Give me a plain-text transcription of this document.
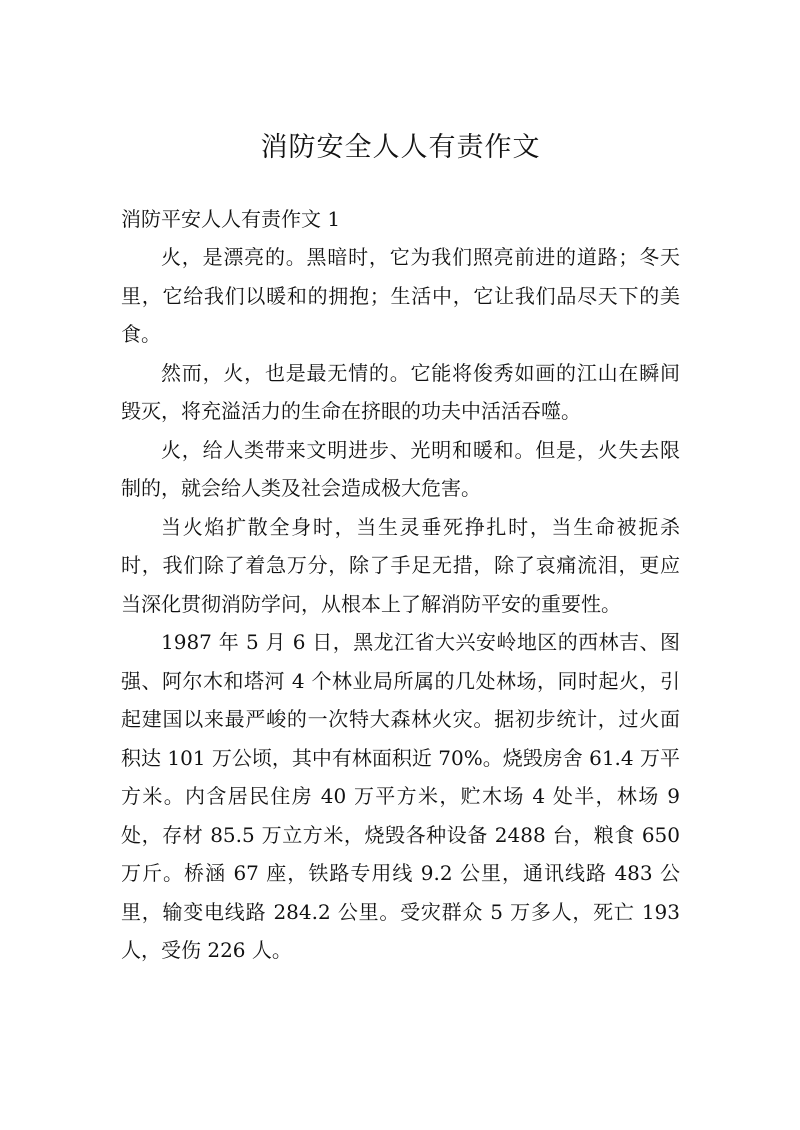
消防安全人人有责作文

消防平安人人有责作文 1

火，是漂亮的。黑暗时，它为我们照亮前进的道路；冬天里，它给我们以暖和的拥抱；生活中，它让我们品尽天下的美食。

然而，火，也是最无情的。它能将俊秀如画的江山在瞬间毁灭，将充溢活力的生命在挤眼的功夫中活活吞噬。

火，给人类带来文明进步、光明和暖和。但是，火失去限制的，就会给人类及社会造成极大危害。

当火焰扩散全身时，当生灵垂死挣扎时，当生命被扼杀时，我们除了着急万分，除了手足无措，除了哀痛流泪，更应当深化贯彻消防学问，从根本上了解消防平安的重要性。

1987 年 5 月 6 日，黑龙江省大兴安岭地区的西林吉、图强、阿尔木和塔河 4 个林业局所属的几处林场，同时起火，引起建国以来最严峻的一次特大森林火灾。据初步统计，过火面积达 101 万公顷，其中有林面积近 70%。烧毁房舍 61.4 万平方米。内含居民住房 40 万平方米，贮木场 4 处半，林场 9 处，存材 85.5 万立方米，烧毁各种设备 2488 台，粮食 650 万斤。桥涵 67 座，铁路专用线 9.2 公里，通讯线路 483 公里，输变电线路 284.2 公里。受灾群众 5 万多人，死亡 193 人，受伤 226 人。
